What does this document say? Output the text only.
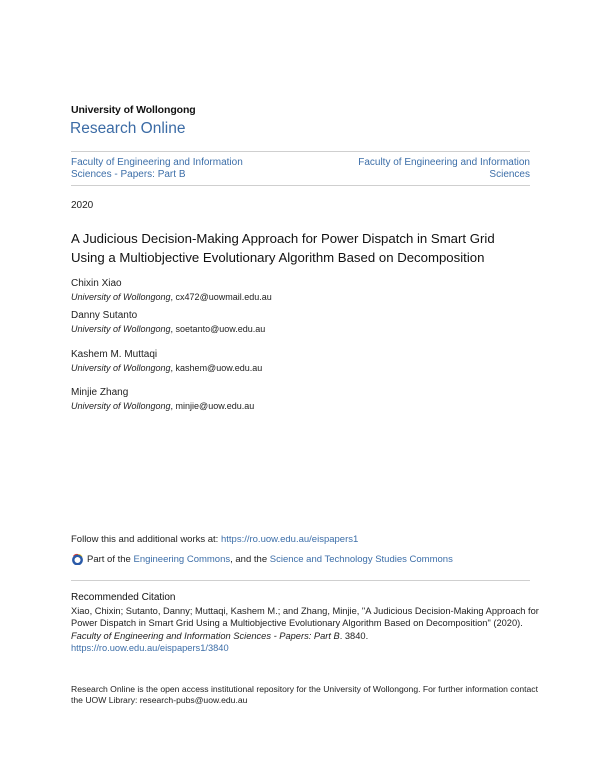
University of Wollongong
Research Online
Faculty of Engineering and Information
Sciences - Papers: Part B
Faculty of Engineering and Information
Sciences
2020
A Judicious Decision-Making Approach for Power Dispatch in Smart Grid
Using a Multiobjective Evolutionary Algorithm Based on Decomposition
Chixin Xiao
University of Wollongong, cx472@uowmail.edu.au
Danny Sutanto
University of Wollongong, soetanto@uow.edu.au
Kashem M. Muttaqi
University of Wollongong, kashem@uow.edu.au
Minjie Zhang
University of Wollongong, minjie@uow.edu.au
Follow this and additional works at: https://ro.uow.edu.au/eispapers1
Part of the
Engineering Commons , and the
Science and Technology Studies Commons
Recommended Citation
Xiao, Chixin; Sutanto, Danny; Muttaqi, Kashem M.; and Zhang, Minjie, "A Judicious Decision-Making Approach for Power Dispatch in Smart Grid Using a Multiobjective Evolutionary Algorithm Based on Decomposition" (2020). Faculty of Engineering and Information Sciences - Papers: Part B. 3840.
https://ro.uow.edu.au/eispapers1/3840
Research Online is the open access institutional repository for the University of Wollongong. For further information contact the UOW Library: research-pubs@uow.edu.au
